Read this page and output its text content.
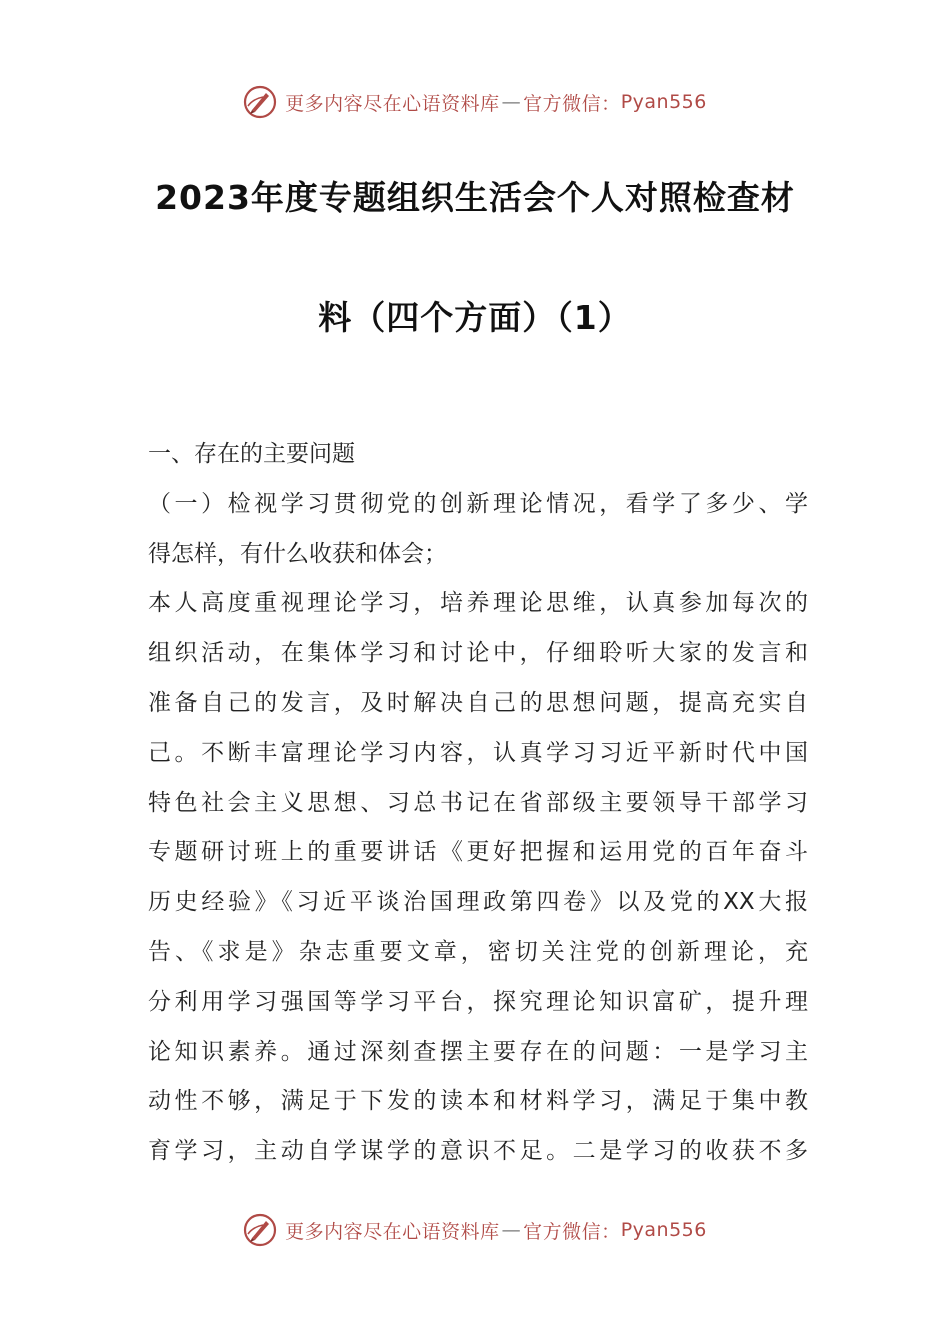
更多内容尽在心语资料库 — 官方微信： Pyan556
2023年度专题组织生活会个人对照检查材
料（四个方面）（1）
一、存在的主要问题
（一）检视学习贯彻党的创新理论情况，看学了多少、学
得怎样，有什么收获和体会；
本人高度重视理论学习，培养理论思维，认真参加每次的
组织活动，在集体学习和讨论中，仔细聆听大家的发言和
准备自己的发言，及时解决自己的思想问题，提高充实自
己。不断丰富理论学习内容，认真学习习近平新时代中国
特色社会主义思想、习总书记在省部级主要领导干部学习
专题研讨班上的重要讲话《更好把握和运用党的百年奋斗
历史经验》《习近平谈治国理政第四卷》以及党的XX大报
告、《求是》杂志重要文章，密切关注党的创新理论，充
分利用学习强国等学习平台，探究理论知识富矿，提升理
论知识素养。通过深刻查摆主要存在的问题：一是学习主
动性不够，满足于下发的读本和材料学习，满足于集中教
育学习，主动自学谋学的意识不足。二是学习的收获不多
更多内容尽在心语资料库 — 官方微信： Pyan556
